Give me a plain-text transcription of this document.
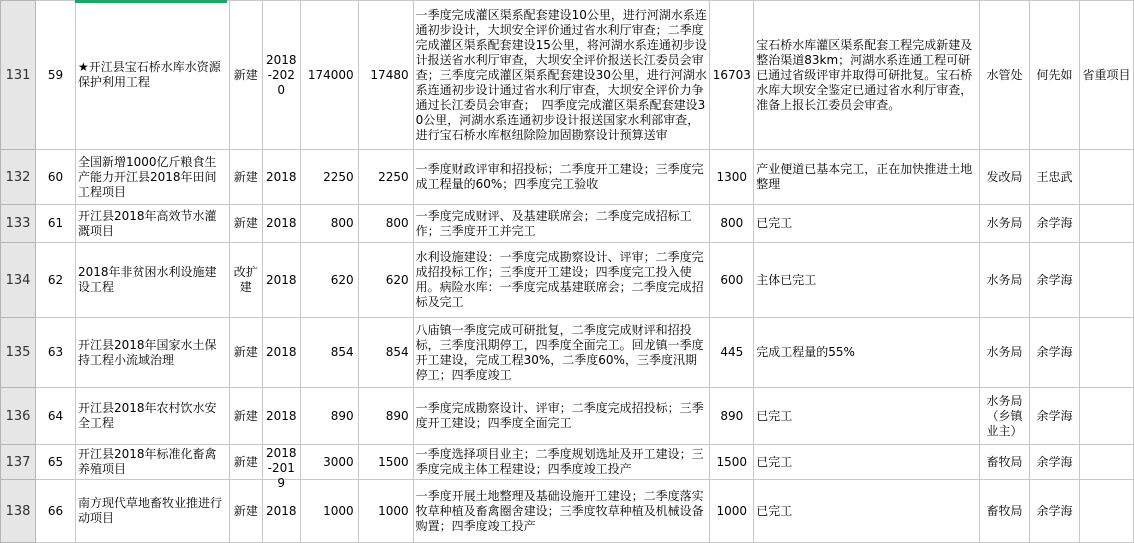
131	59	★开江县宝石桥水库水资源保护利用工程	新建	2018-2020	174000	17480	一季度完成灌区渠系配套建设10公里，进行河湖水系连通初步设计，大坝安全评价通过省水利厅审查；二季度完成灌区渠系配套建设15公里，将河湖水系连通初步设计报送省水利厅审查，大坝安全评价报送长江委员会审查；三季度完成灌区渠系配套建设30公里，进行河湖水系连通初步设计通过省水利厅审查，大坝安全评价力争通过长江委员会审查；　四季度完成灌区渠系配套建设30公里，河湖水系连通初步设计报送国家水利部审查，进行宝石桥水库枢纽除险加固勘察设计预算送审	16703	宝石桥水库灌区渠系配套工程完成新建及整治渠道83km；河湖水系连通工程可研已通过省级评审并取得可研批复。宝石桥水库大坝安全鉴定已通过省水利厅审查，准备上报长江委员会审查。	水管处	何先如	省重项目

132	60	全国新增1000亿斤粮食生产能力开江县2018年田间工程项目	新建	2018	2250	2250	一季度财政评审和招投标；二季度开工建设；三季度完成工程量的60%；四季度完工验收	1300	产业便道已基本完工，正在加快推进土地整理	发改局	王忠武	

133	61	开江县2018年高效节水灌溉项目	新建	2018	800	800	一季度完成财评、及基建联席会；二季度完成招标工作；三季度开工并完工	800	已完工	水务局	余学海	

134	62	2018年非贫困水利设施建设工程	改扩建	2018	620	620	水利设施建设：一季度完成勘察设计、评审；二季度完成招投标工作；三季度开工建设；四季度完工投入使用。病险水库：一季度完成基建联席会；二季度完成招标及完工	600	主体已完工	水务局	余学海	

135	63	开江县2018年国家水土保持工程小流域治理	新建	2018	854	854	八庙镇一季度完成可研批复，二季度完成财评和招投标，三季度汛期停工，四季度全面完工。回龙镇一季度开工建设，完成工程30%，二季度60%，三季度汛期停工；四季度竣工	445	完成工程量的55%	水务局	余学海	

136	64	开江县2018年农村饮水安全工程	新建	2018	890	890	一季度完成勘察设计、评审；二季度完成招投标；三季度开工建设；四季度全面完工	890	已完工	水务局（乡镇业主）	余学海	

137	65	开江县2018年标准化畜禽养殖项目	新建	2018-2019	3000	1500	一季度选择项目业主；二季度规划选址及开工建设；三季度完成主体工程建设；四季度竣工投产	1500	已完工	畜牧局	余学海	

138	66	南方现代草地畜牧业推进行动项目	新建	2018	1000	1000	一季度开展土地整理及基础设施开工建设；二季度落实牧草种植及畜禽圈舍建设；三季度牧草种植及机械设备购置；四季度竣工投产	1000	已完工	畜牧局	余学海	
